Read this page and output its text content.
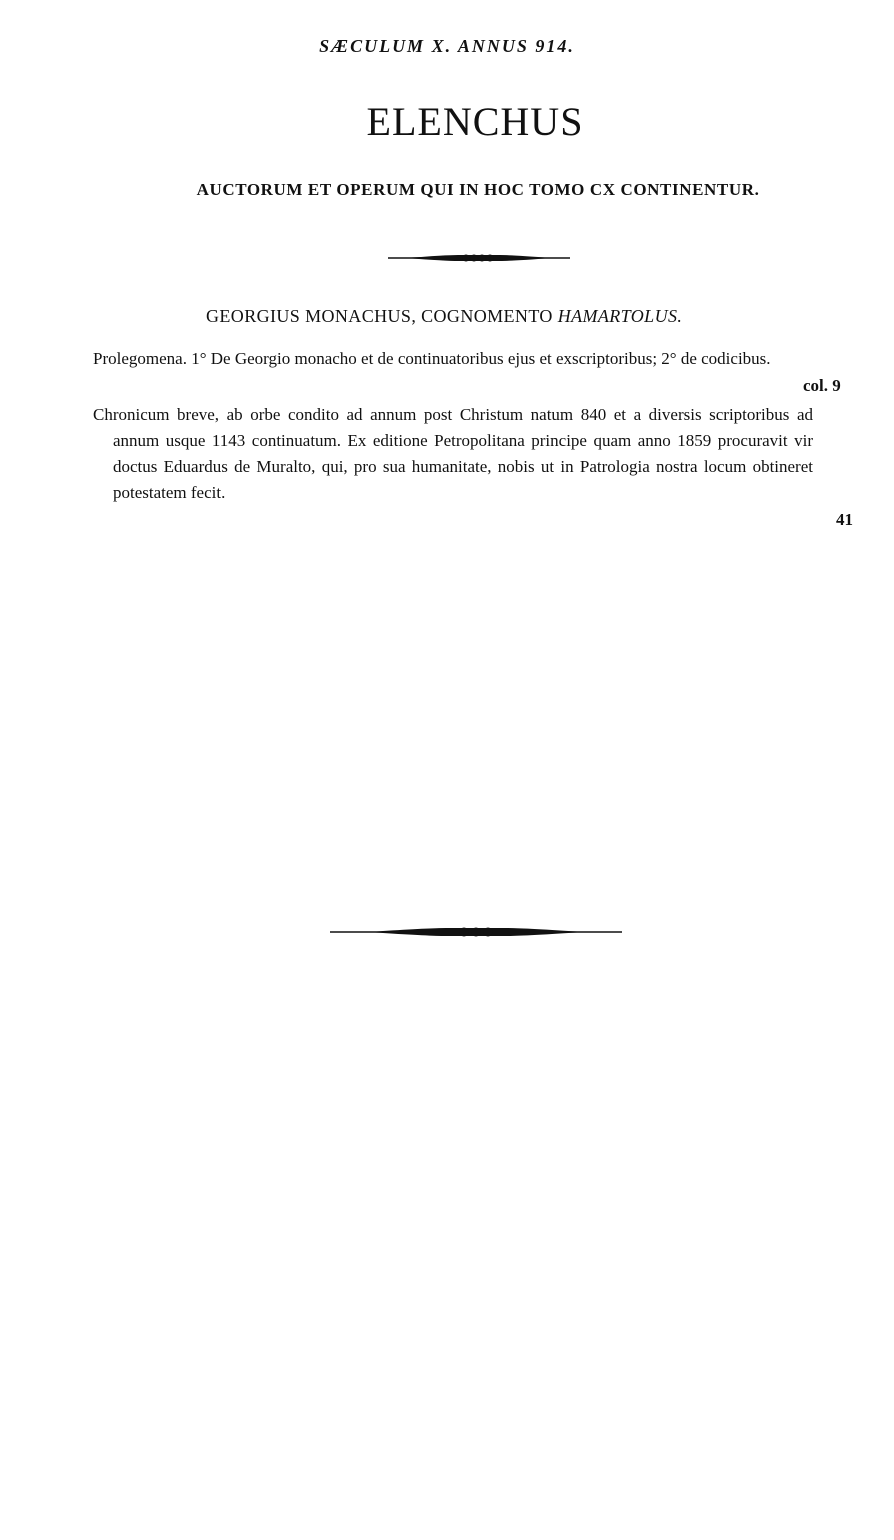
SÆCULUM X. ANNUS 914.
ELENCHUS
AUCTORUM ET OPERUM QUI IN HOC TOMO CX CONTINENTUR.
GEORGIUS MONACHUS, COGNOMENTO HAMARTOLUS.
Prolegomena. 1° De Georgio monacho et de continuatoribus ejus et exscriptoribus; 2° de codicibus.
col. 9
Chronicum breve, ab orbe condito ad annum post Christum natum 840 et a diversis scriptoribus ad annum usque 1143 continuatum. Ex editione Petropolitana principe quam anno 1859 procuravit vir doctus Eduardus de Muralto, qui, pro sua humanitate, nobis ut in Patrologia nostra locum obtineret potestatem fecit.
41
